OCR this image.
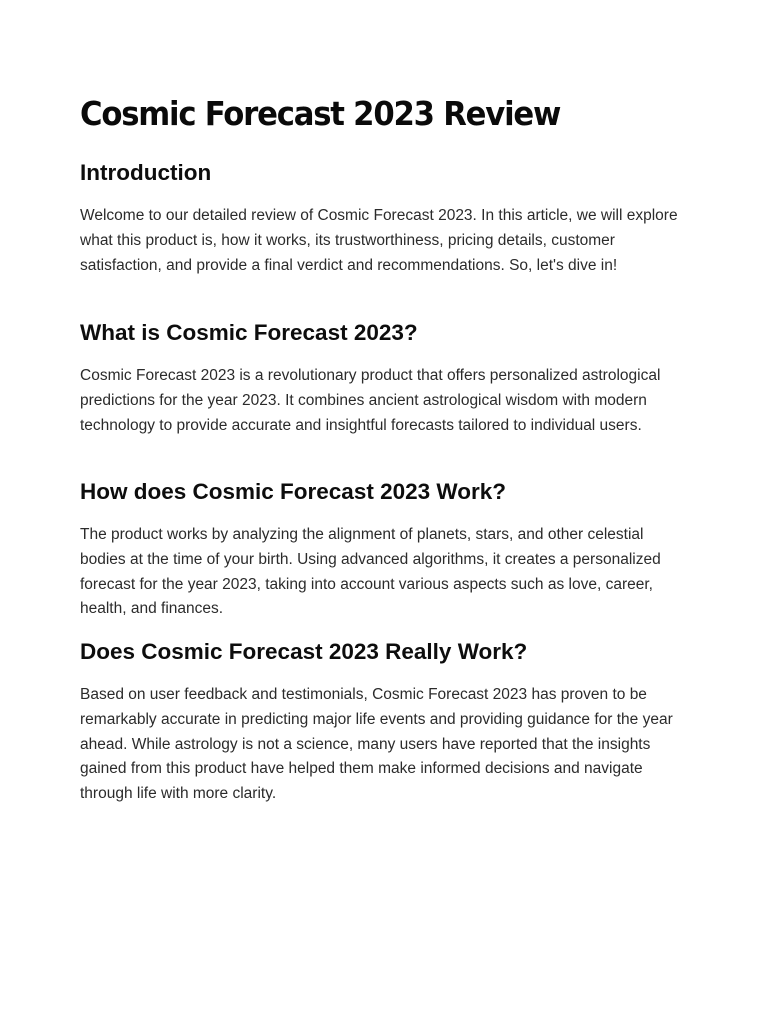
Cosmic Forecast 2023 Review
Introduction

Welcome to our detailed review of Cosmic Forecast 2023. In this article, we will explore what this product is, how it works, its trustworthiness, pricing details, customer satisfaction, and provide a final verdict and recommendations. So, let's dive in!

What is Cosmic Forecast 2023?

Cosmic Forecast 2023 is a revolutionary product that offers personalized astrological predictions for the year 2023. It combines ancient astrological wisdom with modern technology to provide accurate and insightful forecasts tailored to individual users.

How does Cosmic Forecast 2023 Work?

The product works by analyzing the alignment of planets, stars, and other celestial bodies at the time of your birth. Using advanced algorithms, it creates a personalized forecast for the year 2023, taking into account various aspects such as love, career, health, and finances.

Does Cosmic Forecast 2023 Really Work?

Based on user feedback and testimonials, Cosmic Forecast 2023 has proven to be remarkably accurate in predicting major life events and providing guidance for the year ahead. While astrology is not a science, many users have reported that the insights gained from this product have helped them make informed decisions and navigate through life with more clarity.
